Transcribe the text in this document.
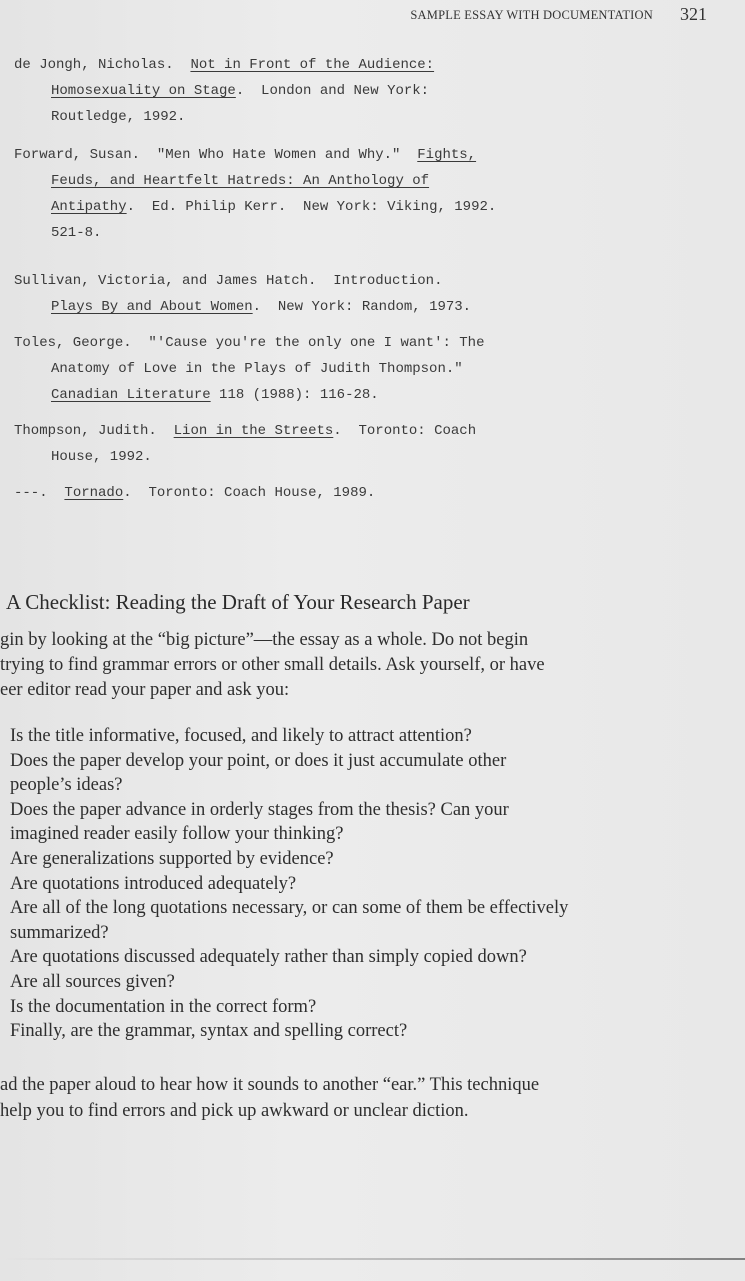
SAMPLE ESSAY WITH DOCUMENTATION 321

de Jongh, Nicholas.  Not in Front of the Audience:
Homosexuality on Stage.  London and New York:
Routledge, 1992.

Forward, Susan.  "Men Who Hate Women and Why."  Fights,
Feuds, and Heartfelt Hatreds: An Anthology of
Antipathy.  Ed. Philip Kerr.  New York: Viking, 1992.
521-8.

Sullivan, Victoria, and James Hatch.  Introduction.
Plays By and About Women.  New York: Random, 1973.

Toles, George.  "'Cause you're the only one I want': The
Anatomy of Love in the Plays of Judith Thompson."
Canadian Literature 118 (1988): 116-28.

Thompson, Judith.  Lion in the Streets.  Toronto: Coach
House, 1992.

---.  Tornado.  Toronto: Coach House, 1989.

A Checklist: Reading the Draft of Your Research Paper

gin by looking at the “big picture”—the essay as a whole. Do not begin
trying to find grammar errors or other small details. Ask yourself, or have
eer editor read your paper and ask you:

Is the title informative, focused, and likely to attract attention?
Does the paper develop your point, or does it just accumulate other
people’s ideas?
Does the paper advance in orderly stages from the thesis? Can your
imagined reader easily follow your thinking?
Are generalizations supported by evidence?
Are quotations introduced adequately?
Are all of the long quotations necessary, or can some of them be effectively
summarized?
Are quotations discussed adequately rather than simply copied down?
Are all sources given?
Is the documentation in the correct form?
Finally, are the grammar, syntax and spelling correct?

ad the paper aloud to hear how it sounds to another “ear.” This technique
help you to find errors and pick up awkward or unclear diction.
